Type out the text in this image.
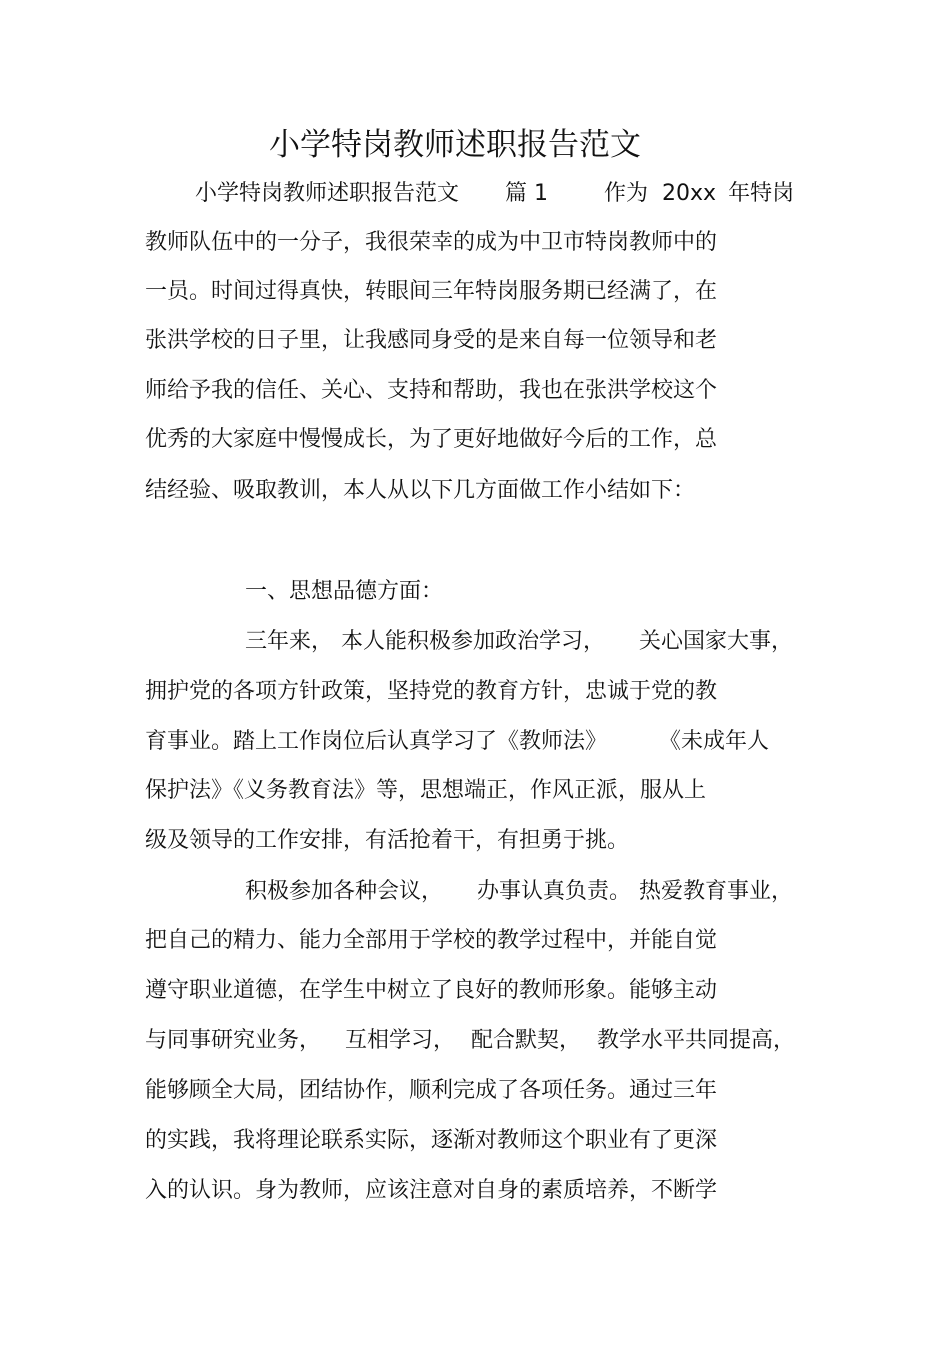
小学特岗教师述职报告范文
小学特岗教师述职报告范文 篇 1	作为 20xx 年特岗
教师队伍中的一分子，我很荣幸的成为中卫市特岗教师中的
一员。时间过得真快，转眼间三年特岗服务期已经满了，在
张洪学校的日子里，让我感同身受的是来自每一位领导和老
师给予我的信任、关心、支持和帮助，我也在张洪学校这个
优秀的大家庭中慢慢成长，为了更好地做好今后的工作，总
结经验、吸取教训，本人从以下几方面做工作小结如下：
一、思想品德方面：
三年来， 本人能积极参加政治学习， 关心国家大事，
拥护党的各项方针政策，坚持党的教育方针，忠诚于党的教
育事业。踏上工作岗位后认真学习了《教师法》 《未成年人
保护法》《义务教育法》等，思想端正，作风正派，服从上
级及领导的工作安排，有活抢着干，有担勇于挑。
积极参加各种会议， 办事认真负责。 热爱教育事业，
把自己的精力、能力全部用于学校的教学过程中，并能自觉
遵守职业道德，在学生中树立了良好的教师形象。能够主动
与同事研究业务， 互相学习， 配合默契， 教学水平共同提高，
能够顾全大局，团结协作，顺利完成了各项任务。通过三年
的实践，我将理论联系实际，逐渐对教师这个职业有了更深
入的认识。身为教师，应该注意对自身的素质培养，不断学
